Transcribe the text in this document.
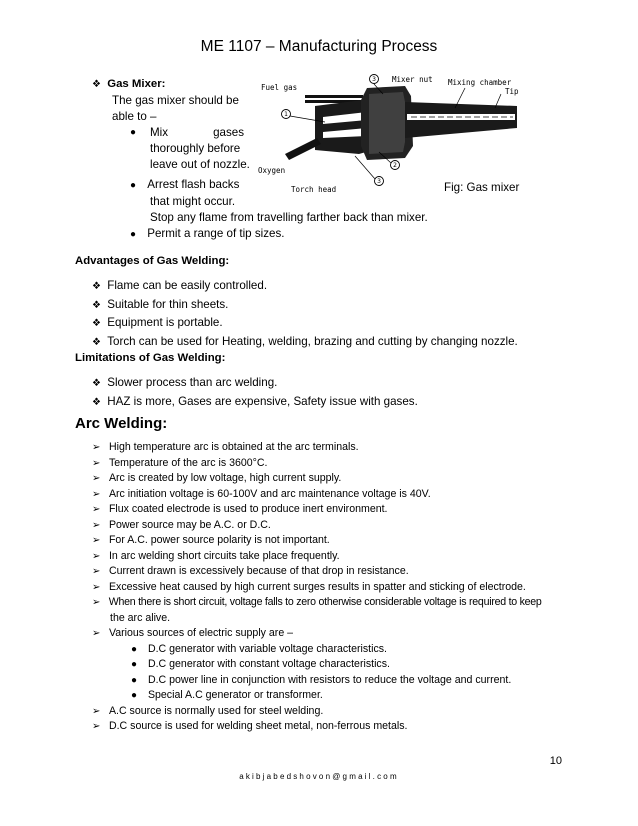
ME 1107 – Manufacturing Process
❖ Gas Mixer:
The gas mixer should be
able to –
●	Mix	gases
thoroughly before
leave out of nozzle.
● Arrest flash backs
that might occur.
Stop any flame from travelling farther back than mixer.
● Permit a range of tip sizes.
Fuel gas
Mixer nut Mixing chamber
Tip
Oxygen
Torch head
3
1
2
3	Fig: Gas mixer
Advantages of Gas Welding:
❖ Flame can be easily controlled.
❖ Suitable for thin sheets.
❖ Equipment is portable.
❖ Torch can be used for Heating, welding, brazing and cutting by changing nozzle.
Limitations of Gas Welding:
❖ Slower process than arc welding.
❖ HAZ is more, Gases are expensive, Safety issue with gases.
Arc Welding:
➢ High temperature arc is obtained at the arc terminals.
➢ Temperature of the arc is 3600°C.
➢ Arc is created by low voltage, high current supply.
➢ Arc initiation voltage is 60-100V and arc maintenance voltage is 40V.
➢ Flux coated electrode is used to produce inert environment.
➢ Power source may be A.C. or D.C.
➢ For A.C. power source polarity is not important.
➢ In arc welding short circuits take place frequently.
➢ Current drawn is excessively because of that drop in resistance.
➢ Excessive heat caused by high current surges results in spatter and sticking of electrode.
➢ When there is short circuit, voltage falls to zero otherwise considerable voltage is required to keep
the arc alive.
➢ Various sources of electric supply are –
● D.C generator with variable voltage characteristics.
● D.C generator with constant voltage characteristics.
● D.C power line in conjunction with resistors to reduce the voltage and current.
● Special A.C generator or transformer.
➢ A.C source is normally used for steel welding.
➢ D.C source is used for welding sheet metal, non-ferrous metals.
10
akibjabedshovon@gmail.com
